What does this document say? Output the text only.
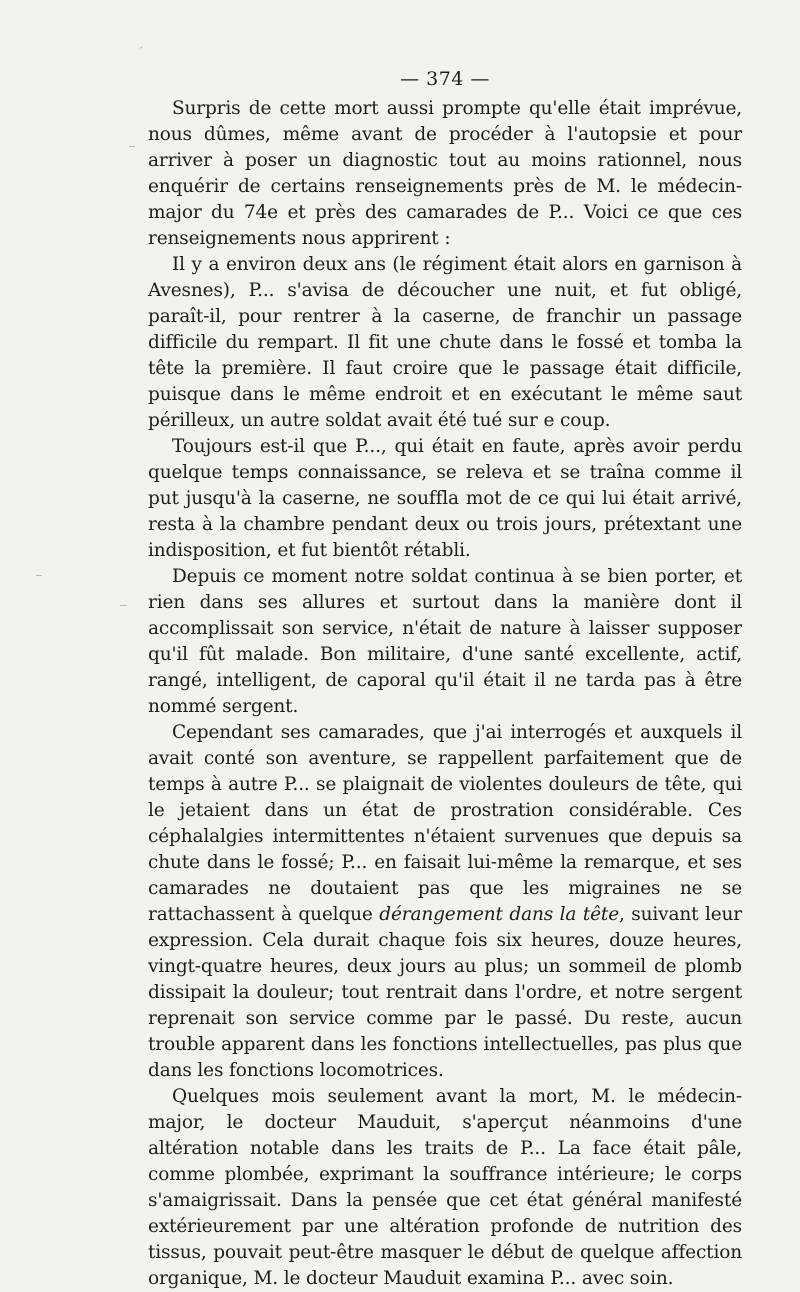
— 374 —

Surpris de cette mort aussi prompte qu'elle était imprévue, nous dûmes, même avant de procéder à l'autopsie et pour arriver à poser un diagnostic tout au moins rationnel, nous enquérir de certains renseignements près de M. le médecin-major du 74e et près des camarades de P... Voici ce que ces renseignements nous apprirent :

Il y a environ deux ans (le régiment était alors en garnison à Avesnes), P... s'avisa de découcher une nuit, et fut obligé, paraît-il, pour rentrer à la caserne, de franchir un passage difficile du rempart. Il fit une chute dans le fossé et tomba la tête la première. Il faut croire que le passage était difficile, puisque dans le même endroit et en exécutant le même saut périlleux, un autre soldat avait été tué sur e coup.

Toujours est-il que P..., qui était en faute, après avoir perdu quelque temps connaissance, se releva et se traîna comme il put jusqu'à la caserne, ne souffla mot de ce qui lui était arrivé, resta à la chambre pendant deux ou trois jours, prétextant une indisposition, et fut bientôt rétabli.

Depuis ce moment notre soldat continua à se bien porter, et rien dans ses allures et surtout dans la manière dont il accomplissait son service, n'était de nature à laisser supposer qu'il fût malade. Bon militaire, d'une santé excellente, actif, rangé, intelligent, de caporal qu'il était il ne tarda pas à être nommé sergent.

Cependant ses camarades, que j'ai interrogés et auxquels il avait conté son aventure, se rappellent parfaitement que de temps à autre P... se plaignait de violentes douleurs de tête, qui le jetaient dans un état de prostration considérable. Ces céphalalgies intermittentes n'étaient survenues que depuis sa chute dans le fossé; P... en faisait lui-même la remarque, et ses camarades ne doutaient pas que les migraines ne se rattachassent à quelque dérangement dans la tête, suivant leur expression. Cela durait chaque fois six heures, douze heures, vingt-quatre heures, deux jours au plus; un sommeil de plomb dissipait la douleur; tout rentrait dans l'ordre, et notre sergent reprenait son service comme par le passé. Du reste, aucun trouble apparent dans les fonctions intellectuelles, pas plus que dans les fonctions locomotrices.

Quelques mois seulement avant la mort, M. le médecin-major, le docteur Mauduit, s'aperçut néanmoins d'une altération notable dans les traits de P... La face était pâle, comme plombée, exprimant la souffrance intérieure; le corps s'amaigrissait. Dans la pensée que cet état général manifesté extérieurement par une altération profonde de nutrition des tissus, pouvait peut-être masquer le début de quelque affection organique, M. le docteur Mauduit examina P... avec soin.
